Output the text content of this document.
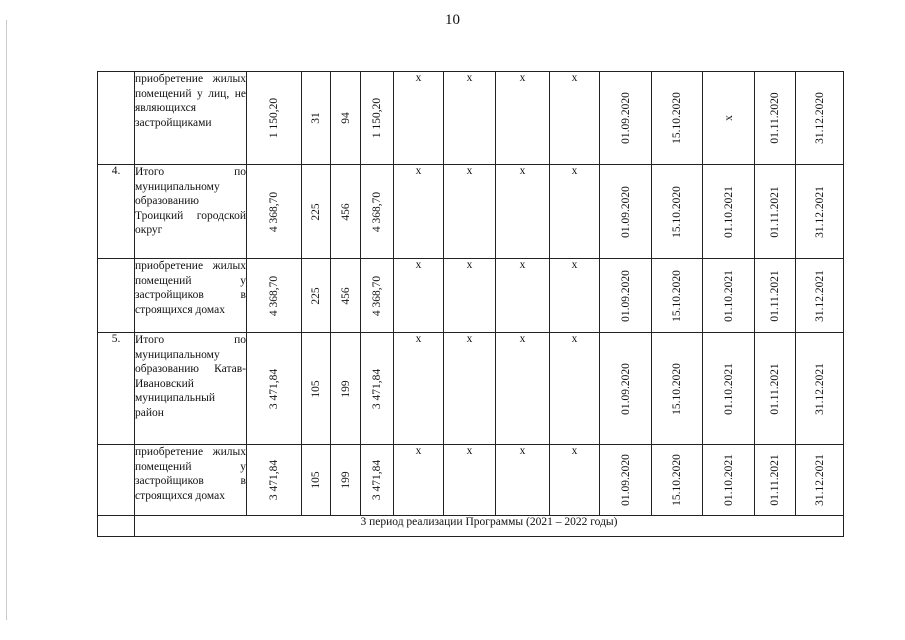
10
	приобретение жилых помещений у лиц, не являющихся застройщиками	1 150,20	31	94	1 150,20	x	x	x	x	01.09.2020	15.10.2020	x	01.11.2020	31.12.2020

4.	Итого по муниципальному образованию Троицкий городской округ	4 368,70	225	456	4 368,70	x	x	x	x	01.09.2020	15.10.2020	01.10.2021	01.11.2021	31.12.2021

	приобретение жилых помещений у застройщиков в строящихся домах	4 368,70	225	456	4 368,70	x	x	x	x	01.09.2020	15.10.2020	01.10.2021	01.11.2021	31.12.2021

5.	Итого по муниципальному образованию Катав-Ивановский муниципальный район	3 471,84	105	199	3 471,84	x	x	x	x	01.09.2020	15.10.2020	01.10.2021	01.11.2021	31.12.2021

	приобретение жилых помещений у застройщиков в строящихся домах	3 471,84	105	199	3 471,84	x	x	x	x	01.09.2020	15.10.2020	01.10.2021	01.11.2021	31.12.2021

	3 период реализации Программы (2021 – 2022 годы)													
